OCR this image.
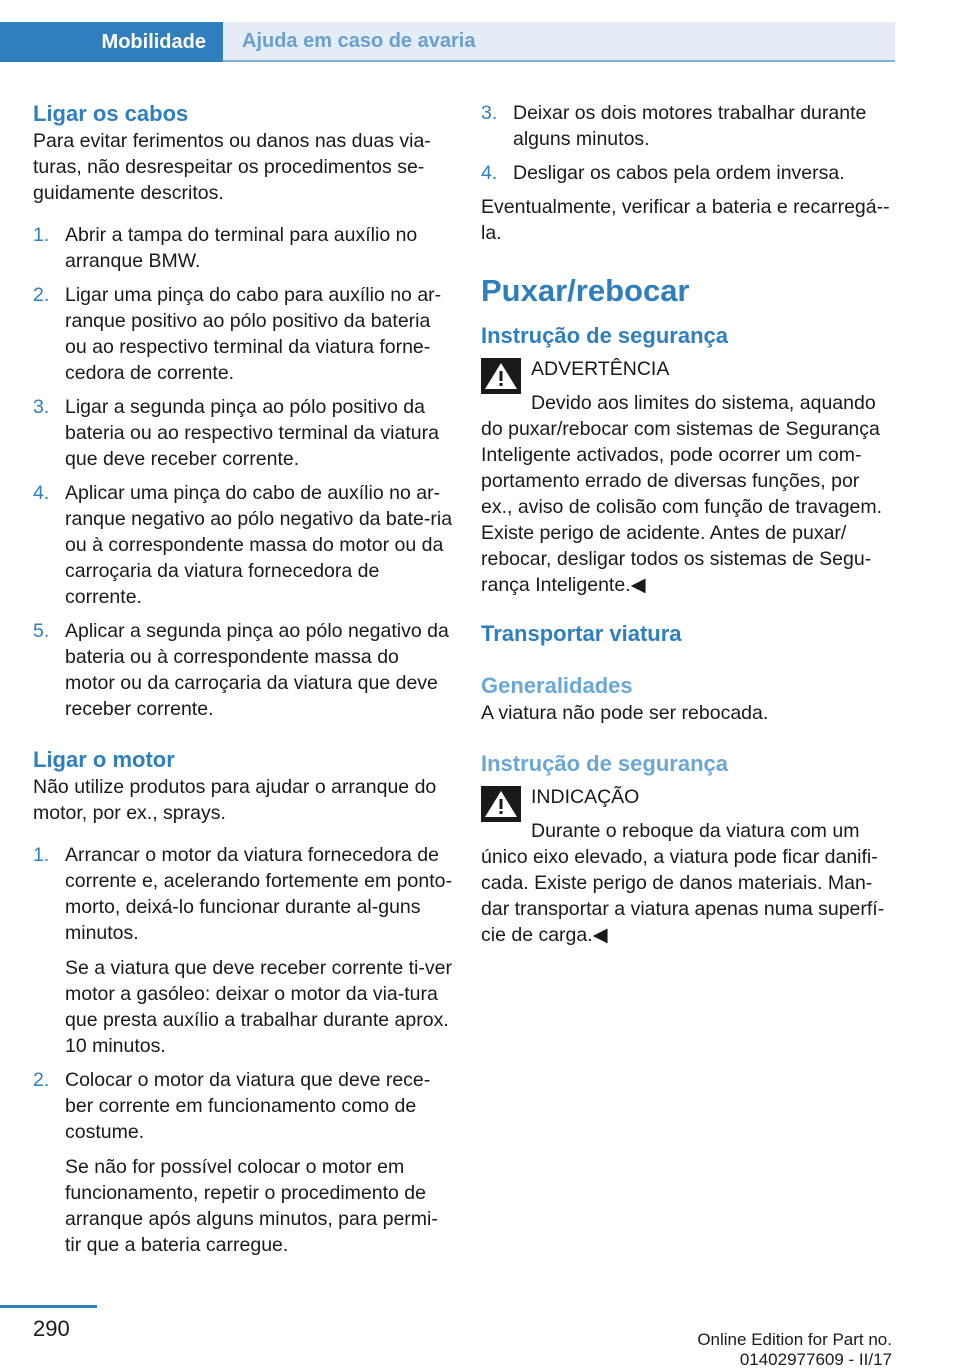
Mobilidade Ajuda em caso de avaria
Ligar os cabos

Para evitar ferimentos ou danos nas duas via-turas, não desrespeitar os procedimentos se-guidamente descritos.

1. Abrir a tampa do terminal para auxílio no arranque BMW.
2. Ligar uma pinça do cabo para auxílio no ar-ranque positivo ao pólo positivo da bateria ou ao respectivo terminal da viatura forne-cedora de corrente.
3. Ligar a segunda pinça ao pólo positivo da bateria ou ao respectivo terminal da viatura que deve receber corrente.
4. Aplicar uma pinça do cabo de auxílio no ar-ranque negativo ao pólo negativo da bate-ria ou à correspondente massa do motor ou da carroçaria da viatura fornecedora de corrente.
5. Aplicar a segunda pinça ao pólo negativo da bateria ou à correspondente massa do motor ou da carroçaria da viatura que deve receber corrente.
Ligar o motor

Não utilize produtos para ajudar o arranque do motor, por ex., sprays.

1. Arrancar o motor da viatura fornecedora de corrente e, acelerando fortemente em ponto-morto, deixá-lo funcionar durante al-guns minutos.
Se a viatura que deve receber corrente ti-ver motor a gasóleo: deixar o motor da via-tura que presta auxílio a trabalhar durante aprox. 10 minutos.
2. Colocar o motor da viatura que deve rece-ber corrente em funcionamento como de costume.
Se não for possível colocar o motor em funcionamento, repetir o procedimento de arranque após alguns minutos, para permi-tir que a bateria carregue.
3. Deixar os dois motores trabalhar durante alguns minutos.
4. Desligar os cabos pela ordem inversa.

Eventualmente, verificar a bateria e recarregá--la.

Puxar/rebocar
Instrução de segurança
ADVERTÊNCIA

Devido aos limites do sistema, aquando do puxar/rebocar com sistemas de Segurança Inteligente activados, pode ocorrer um com-portamento errado de diversas funções, por ex., aviso de colisão com função de travagem. Existe perigo de acidente. Antes de puxar/ rebocar, desligar todos os sistemas de Segu-rança Inteligente.◀

Transportar viatura
Generalidades

A viatura não pode ser rebocada.

Instrução de segurança
INDICAÇÃO

Durante o reboque da viatura com um único eixo elevado, a viatura pode ficar danifi-cada. Existe perigo de danos materiais. Man-dar transportar a viatura apenas numa superfí-cie de carga.◀

290	Online Edition for Part no. 01402977609 - II/17
